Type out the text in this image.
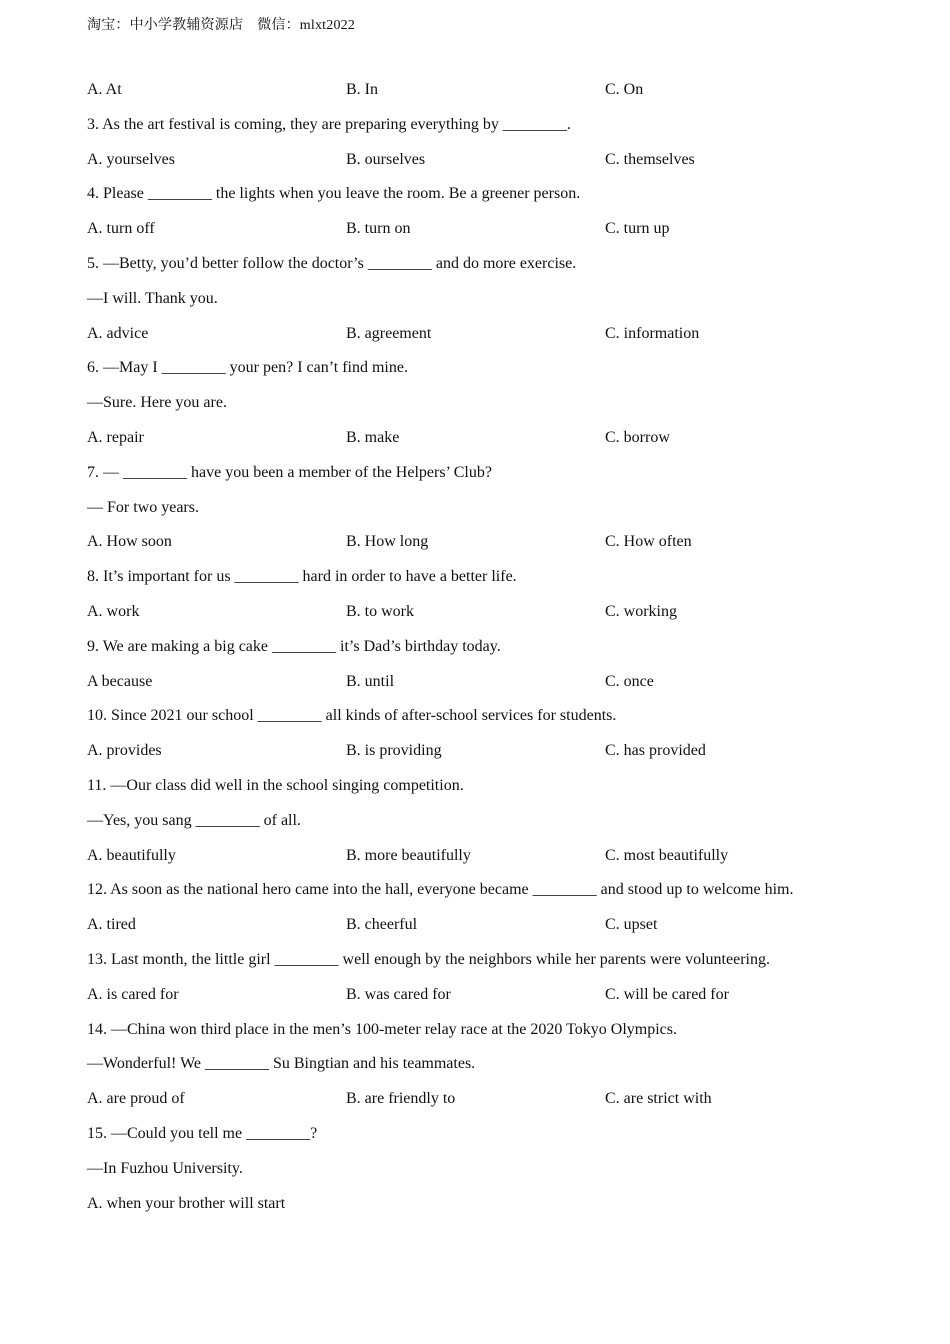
淘宝：中小学教辅资源店 微信：mlxt2022
A. At	B. In	C. On
3. As the art festival is coming, they are preparing everything by ________.
A. yourselves	B. ourselves	C. themselves
4. Please ________ the lights when you leave the room. Be a greener person.
A. turn off	B. turn on	C. turn up
5. —Betty, you’d better follow the doctor’s ________ and do more exercise.
—I will. Thank you.
A. advice	B. agreement	C. information
6. —May I ________ your pen? I can’t find mine.
—Sure. Here you are.
A. repair	B. make	C. borrow
7. — ________ have you been a member of the Helpers’ Club?
— For two years.
A. How soon	B. How long	C. How often
8. It’s important for us ________ hard in order to have a better life.
A. work	B. to work	C. working
9. We are making a big cake ________ it’s Dad’s birthday today.
A because	B. until	C. once
10. Since 2021 our school ________ all kinds of after-school services for students.
A. provides	B. is providing	C. has provided
11. —Our class did well in the school singing competition.
—Yes, you sang ________ of all.
A. beautifully	B. more beautifully	C. most beautifully
12. As soon as the national hero came into the hall, everyone became ________ and stood up to welcome him.
A. tired	B. cheerful	C. upset
13. Last month, the little girl ________ well enough by the neighbors while her parents were volunteering.
A. is cared for	B. was cared for	C. will be cared for
14. —China won third place in the men’s 100-meter relay race at the 2020 Tokyo Olympics.
—Wonderful! We ________ Su Bingtian and his teammates.
A. are proud of	B. are friendly to	C. are strict with
15. —Could you tell me ________?
—In Fuzhou University.
A. when your brother will start
